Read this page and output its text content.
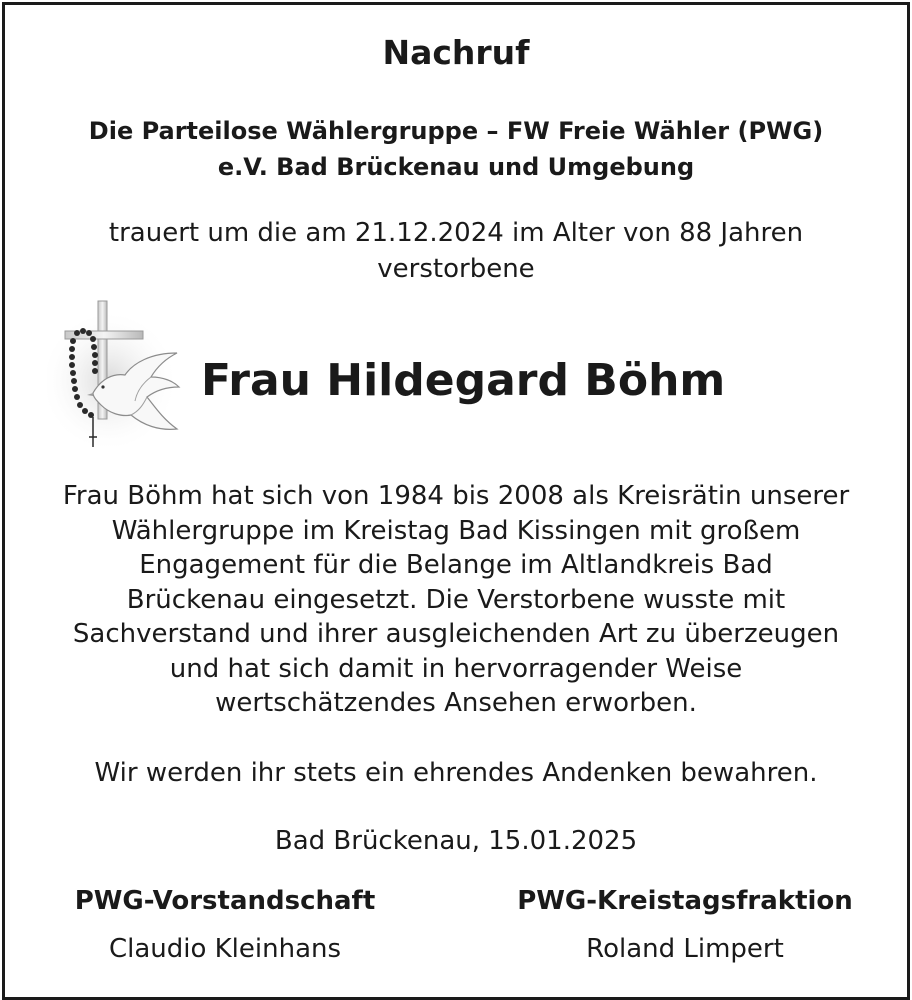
Nachruf
Die Parteilose Wählergruppe – FW Freie Wähler (PWG)
e.V. Bad Brückenau und Umgebung
trauert um die am 21.12.2024 im Alter von 88 Jahren
verstorbene
Frau Hildegard Böhm
Frau Böhm hat sich von 1984 bis 2008 als Kreisrätin unserer
Wählergruppe im Kreistag Bad Kissingen mit großem
Engagement für die Belange im Altlandkreis Bad
Brückenau eingesetzt. Die Verstorbene wusste mit
Sachverstand und ihrer ausgleichenden Art zu überzeugen
und hat sich damit in hervorragender Weise
wertschätzendes Ansehen erworben.
Wir werden ihr stets ein ehrendes Andenken bewahren.
Bad Brückenau, 15.01.2025
PWG-Vorstandschaft
Claudio Kleinhans
PWG-Kreistagsfraktion
Roland Limpert
